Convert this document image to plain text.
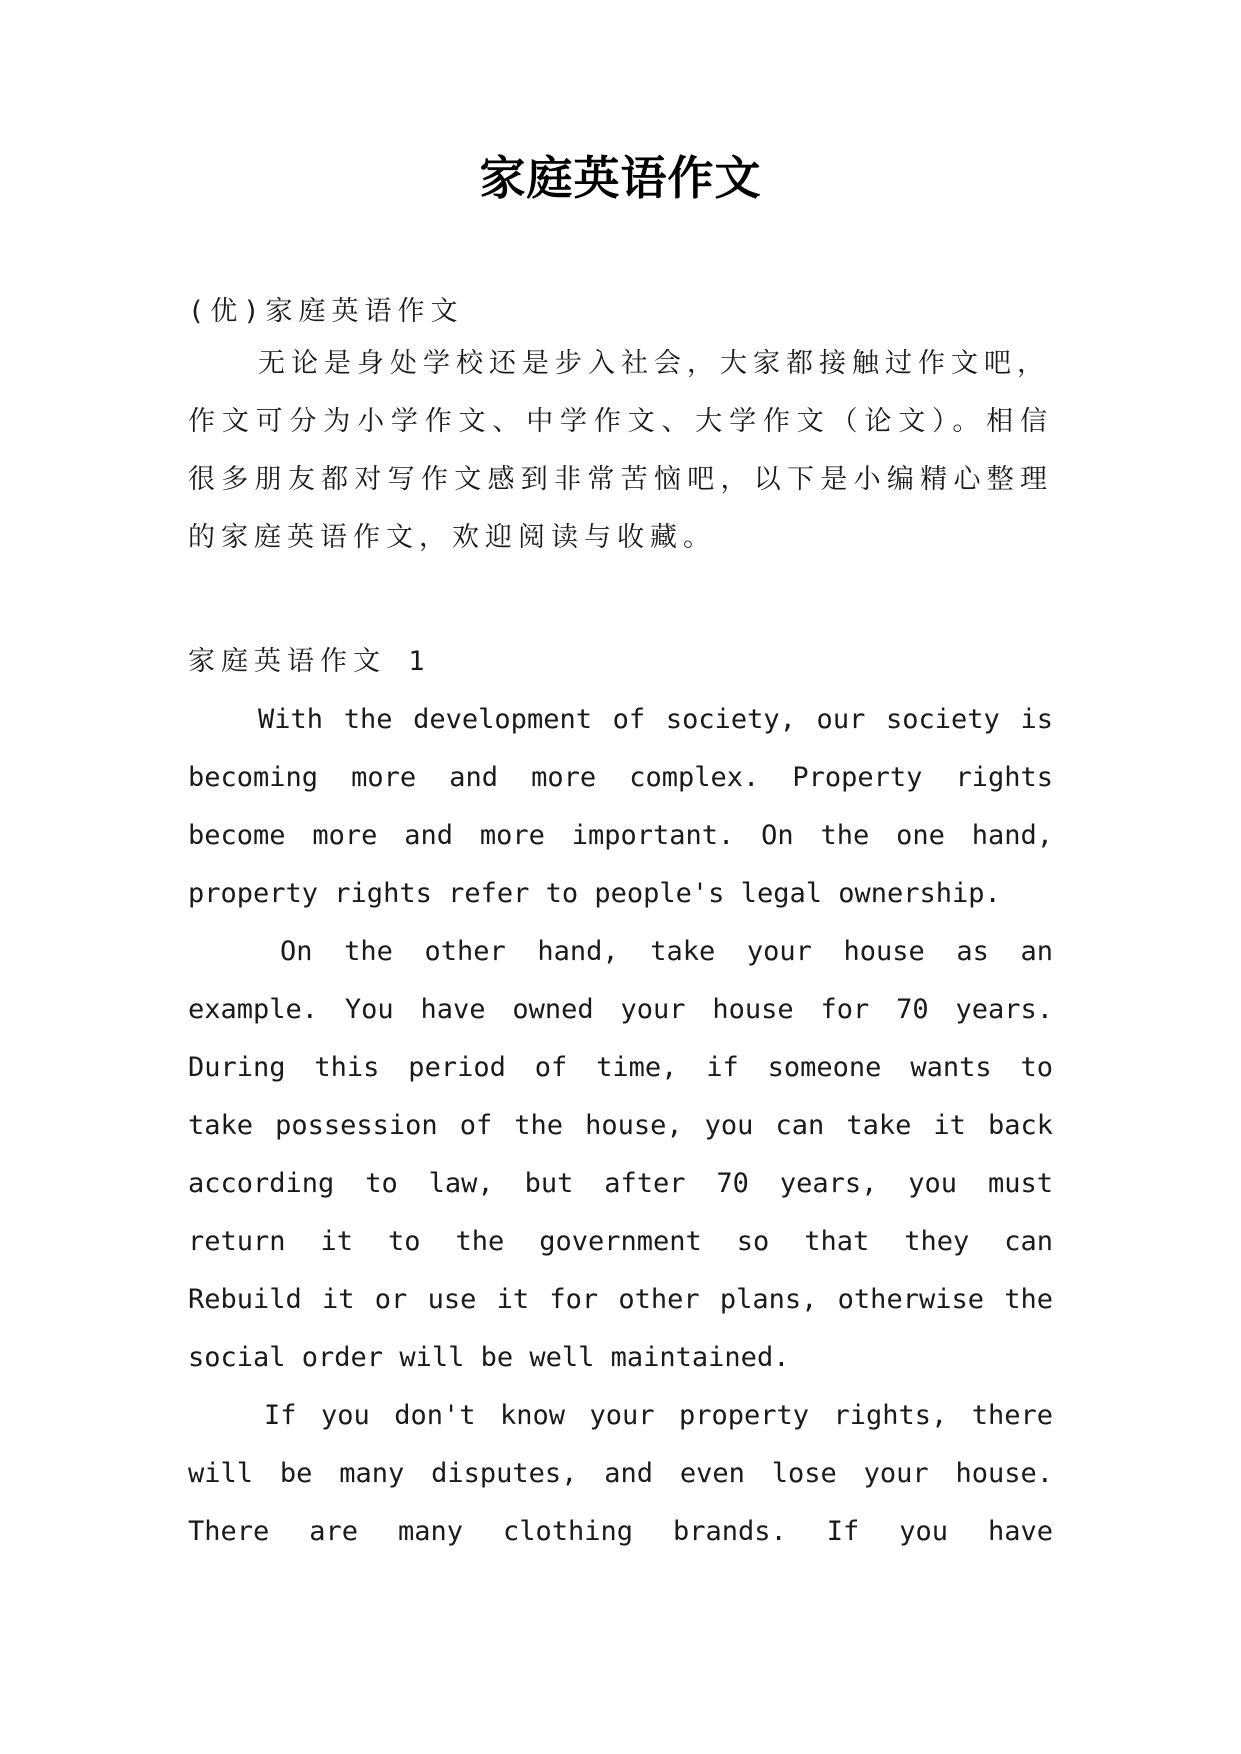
家庭英语作文
(优)家庭英语作文
无论是身处学校还是步入社会，大家都接触过作文吧，
作文可分为小学作文、中学作文、大学作文（论文）。相信
很多朋友都对写作文感到非常苦恼吧，以下是小编精心整理
的家庭英语作文，欢迎阅读与收藏。
家庭英语作文 1
With the development of society, our society is
becoming more and more complex. Property rights
become more and more important. On the one hand,
property rights refer to people's legal ownership.
On the other hand, take your house as an
example. You have owned your house for 70 years.
During this period of time, if someone wants to
take possession of the house, you can take it back
according to law, but after 70 years, you must
return it to the government so that they can
Rebuild it or use it for other plans, otherwise the
social order will be well maintained.
If you don't know your property rights, there
will be many disputes, and even lose your house.
There are many clothing brands. If you have
